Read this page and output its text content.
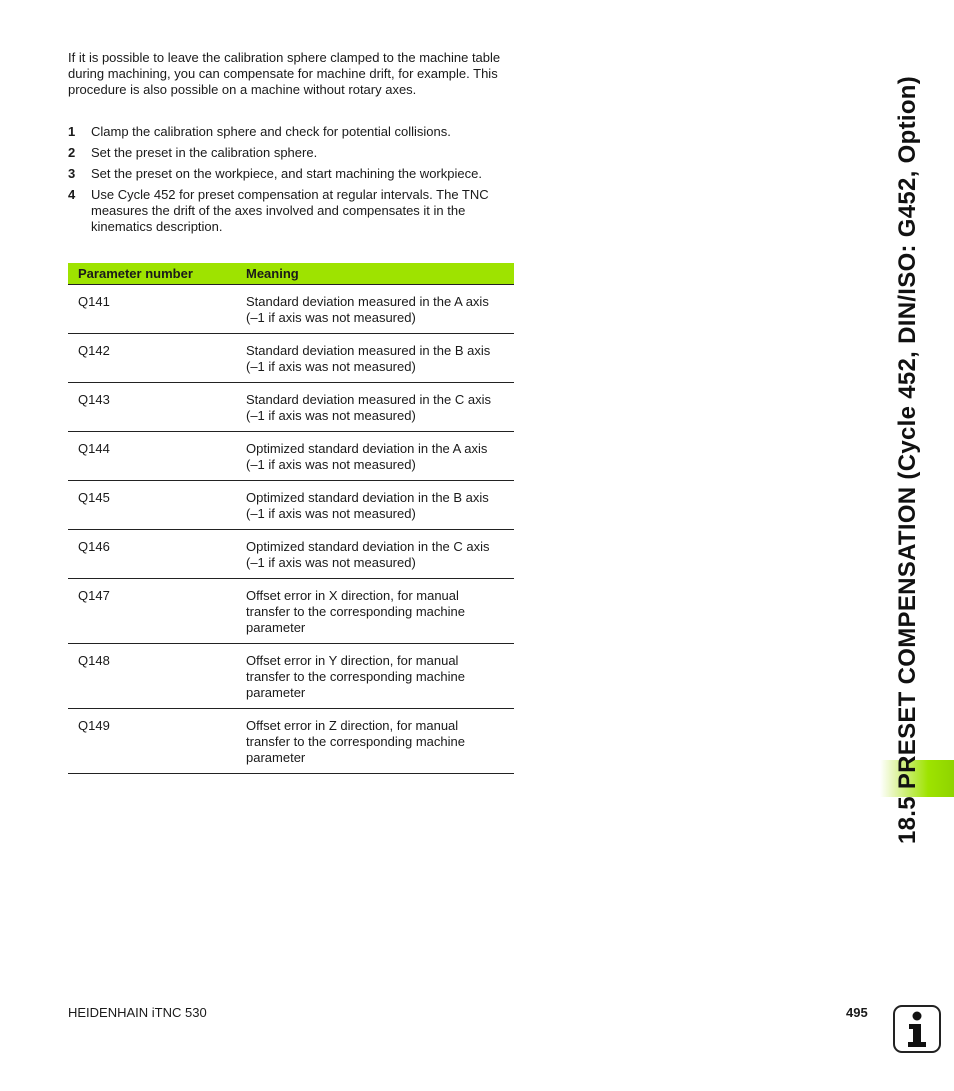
If it is possible to leave the calibration sphere clamped to the machine table during machining, you can compensate for machine drift, for example. This procedure is also possible on a machine without rotary axes.

1 Clamp the calibration sphere and check for potential collisions.
2 Set the preset in the calibration sphere.
3 Set the preset on the workpiece, and start machining the workpiece.
4 Use Cycle 452 for preset compensation at regular intervals. The TNC measures the drift of the axes involved and compensates it in the kinematics description.
Parameter number	Meaning
Q141	Standard deviation measured in the A axis
(–1 if axis was not measured)
Q142	Standard deviation measured in the B axis
(–1 if axis was not measured)
Q143	Standard deviation measured in the C axis
(–1 if axis was not measured)
Q144	Optimized standard deviation in the A axis
(–1 if axis was not measured)
Q145	Optimized standard deviation in the B axis
(–1 if axis was not measured)
Q146	Optimized standard deviation in the C axis
(–1 if axis was not measured)
Q147	Offset error in X direction, for manual
transfer to the corresponding machine
parameter
Q148	Offset error in Y direction, for manual
transfer to the corresponding machine
parameter
Q149	Offset error in Z direction, for manual
transfer to the corresponding machine
parameter	18.5 PRESET COMPENSATION (Cycle 452, DIN/ISO: G452, Option)
HEIDENHAIN iTNC 530	495
